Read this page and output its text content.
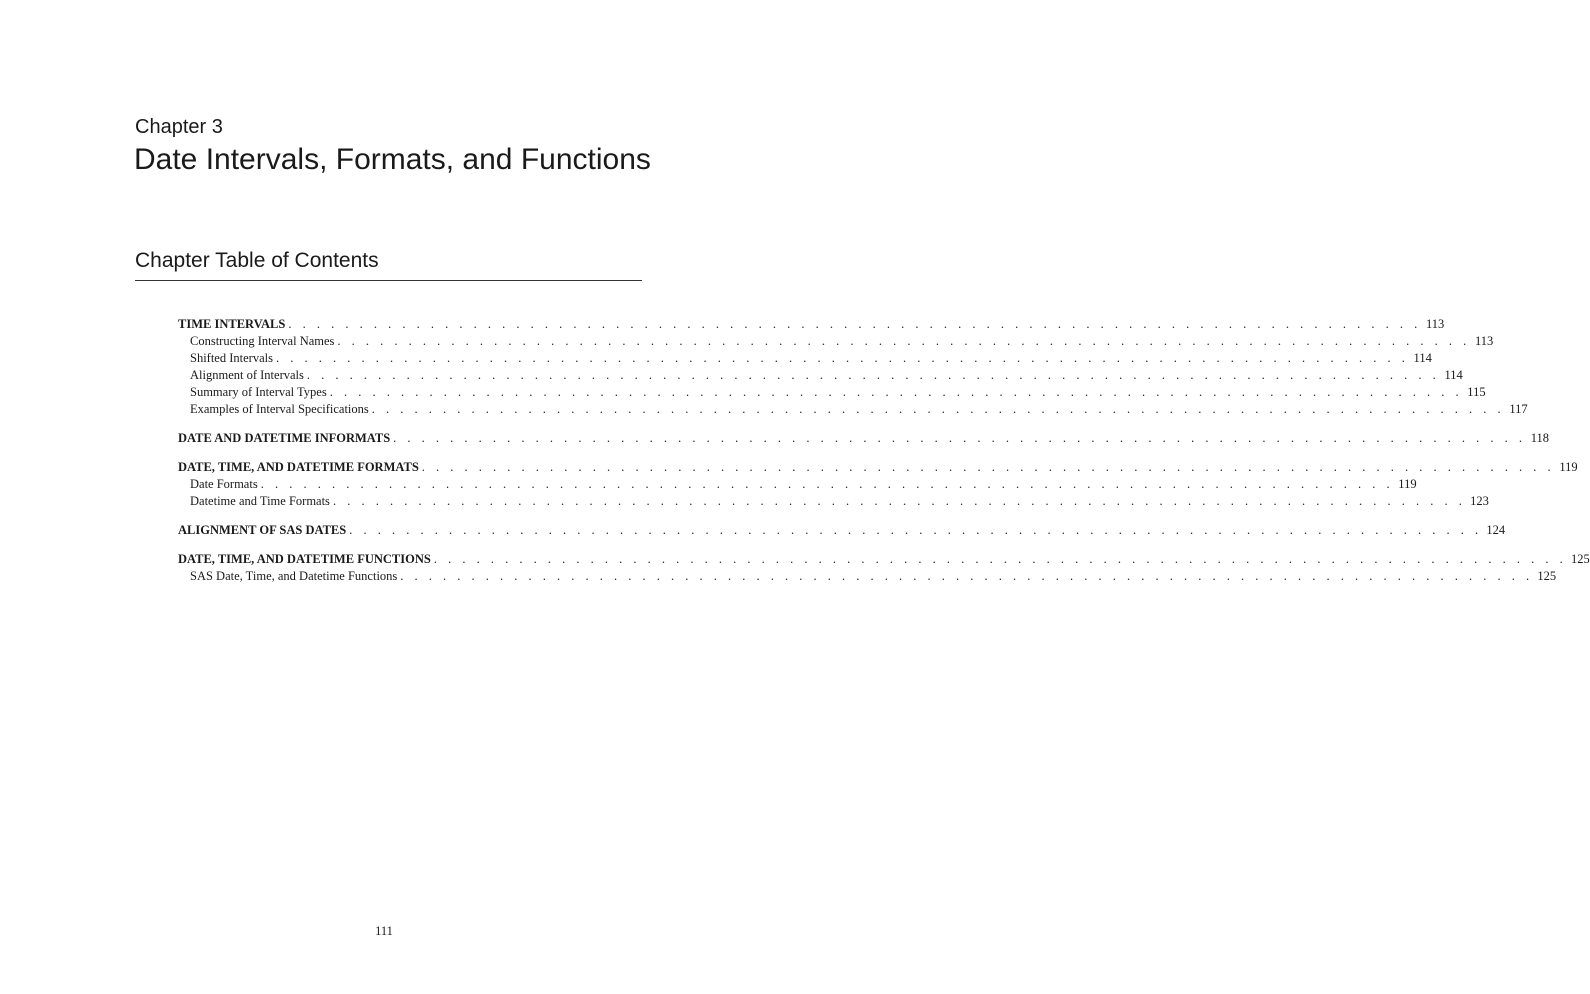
Chapter 3
Date Intervals, Formats, and Functions
Chapter Table of Contents
TIME INTERVALS . . . . . . . . . . . . . . . . . . . . . . . . . . . . . . . . . . . . . . . . . . . . . . . . . . . . . . . . . . . . . . . . . . . . . . . . . . . . . . . . 113
Constructing Interval Names . . . . . . . . . . . . . . . . . . . . . . . . . . . . . . . . . . . . . . . . . . . . . . . . . . . . . . . . . . . . . . . . . . . . . . . . . . . . . . . . 113
Shifted Intervals . . . . . . . . . . . . . . . . . . . . . . . . . . . . . . . . . . . . . . . . . . . . . . . . . . . . . . . . . . . . . . . . . . . . . . . . . . . . . . . . 114
Alignment of Intervals . . . . . . . . . . . . . . . . . . . . . . . . . . . . . . . . . . . . . . . . . . . . . . . . . . . . . . . . . . . . . . . . . . . . . . . . . . . . . . . . 114
Summary of Interval Types . . . . . . . . . . . . . . . . . . . . . . . . . . . . . . . . . . . . . . . . . . . . . . . . . . . . . . . . . . . . . . . . . . . . . . . . . . . . . . . . 115
Examples of Interval Specifications . . . . . . . . . . . . . . . . . . . . . . . . . . . . . . . . . . . . . . . . . . . . . . . . . . . . . . . . . . . . . . . . . . . . . . . . . . . . . . . . 117
DATE AND DATETIME INFORMATS . . . . . . . . . . . . . . . . . . . . . . . . . . . . . . . . . . . . . . . . . . . . . . . . . . . . . . . . . . . . . . . . . . . . . . . . . . . . . . . . 118
DATE, TIME, AND DATETIME FORMATS . . . . . . . . . . . . . . . . . . . . . . . . . . . . . . . . . . . . . . . . . . . . . . . . . . . . . . . . . . . . . . . . . . . . . . . . . . . . . . . . 119
Date Formats . . . . . . . . . . . . . . . . . . . . . . . . . . . . . . . . . . . . . . . . . . . . . . . . . . . . . . . . . . . . . . . . . . . . . . . . . . . . . . . . 119
Datetime and Time Formats . . . . . . . . . . . . . . . . . . . . . . . . . . . . . . . . . . . . . . . . . . . . . . . . . . . . . . . . . . . . . . . . . . . . . . . . . . . . . . . . 123
ALIGNMENT OF SAS DATES . . . . . . . . . . . . . . . . . . . . . . . . . . . . . . . . . . . . . . . . . . . . . . . . . . . . . . . . . . . . . . . . . . . . . . . . . . . . . . . . 124
DATE, TIME, AND DATETIME FUNCTIONS . . . . . . . . . . . . . . . . . . . . . . . . . . . . . . . . . . . . . . . . . . . . . . . . . . . . . . . . . . . . . . . . . . . . . . . . . . . . . . . . 125
SAS Date, Time, and Datetime Functions . . . . . . . . . . . . . . . . . . . . . . . . . . . . . . . . . . . . . . . . . . . . . . . . . . . . . . . . . . . . . . . . . . . . . . . . . . . . . . . . 125
111
